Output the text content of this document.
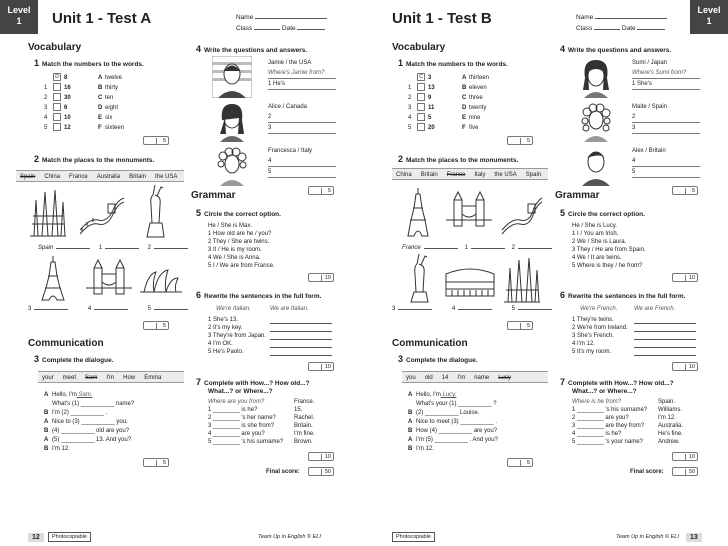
Level
1	Unit 1 - Test A	Name
Class	Date
Vocabulary
1 Match the numbers to the words.
D 8	A twelve
1	16	B thirty
2	30	C ten
3	6	D eight
4	10	E six
5	12	F sixteen
5
2 Match the places to the monuments.
Spain China France Australia Britain the USA
Spain	1	2
3	4	5
5
Communication
3 Complete the dialogue.
your meet Sam I'm How Emma
A Hello, I'm Sam.
What's (1) __________ name?
B I'm (2) __________ .
A Nice to (3) __________ you.
B (4) __________ old are you?
A (5) __________ 13. And you?
B I'm 12.
5
4 Write the questions and answers.
Jamie / the USA
Where's Jamie from?
1 He's
Alice / Canada
2
3
Francesca / Italy
4
5
5
Grammar
5 Circle the correct option.
He / She is Max.
1 How old are he / you?
2 They / She are twins.
3 It / He is my room.
4 We / She is Anna.
5 I / We are from France.
10
6 Rewrite the sentences in the full form.
We're Italian.	We are Italian.
1 She's 13.
2 It's my key.
3 They're from Japan.
4 I'm OK.
5 He's Paolo.
10
7 Complete with How...? How old...?
What...? or Where...?
Where are you from?	France.
1 ________ is he?	15.
2 ________ 's her name?	Rachel.
3 ________ is she from?	Britain.
4 ________ are you?	I'm fine.
5 ________ 's his surname? Brown.
10
Final score:	50
12	Photocopiable	Team Up in English © ELI
Level
1
Unit 1 - Test B	Name
Class	Date
Vocabulary
1 Match the numbers to the words.
C 3	A thirteen
1	13	B eleven
2	9	C three
3	11	D twenty
4	5	E nine
5	20	F five
5
2 Match the places to the monuments.
China Britain France Italy the USA Spain
France	1	2
3	4	5
5
Communication
3 Complete the dialogue.
you old 14 I'm name Lucy
A Hello, I'm Lucy.
What's your (1) __________ ?
B (2) __________ Louise.
A Nice to meet (3) __________ .
B How (4) __________ are you?
A I'm (5) __________ . And you?
B I'm 12.
5
4 Write the questions and answers.
Sumi / Japan
Where's Sumi from?
1 She's
Maite / Spain
2
3
Alex / Britain
4
5
5
Grammar
5 Circle the correct option.
He / She is Lucy.
1 I / You am Irish.
2 We / She is Laura.
3 They / He are from Spain.
4 We / It are twins.
5 Where is they / he from?
10
6 Rewrite the sentences in the full form.
We're French.	We are French.
1 They're twins.
2 We're from Ireland.
3 She's French.
4 I'm 12.
5 It's my room.
10
7 Complete with How...? How old...?
What...? or Where...?
Where is he from?	Spain.
1 ________ 's his surname? Williams.
2 ________ are you?	I'm 12.
3 ________ are they from? Australia.
4 ________ is he?	He's fine.
5 ________ 's your name?	Andrew.
10
Final score:	50
Photocopiable	Team Up in English © ELI	13
